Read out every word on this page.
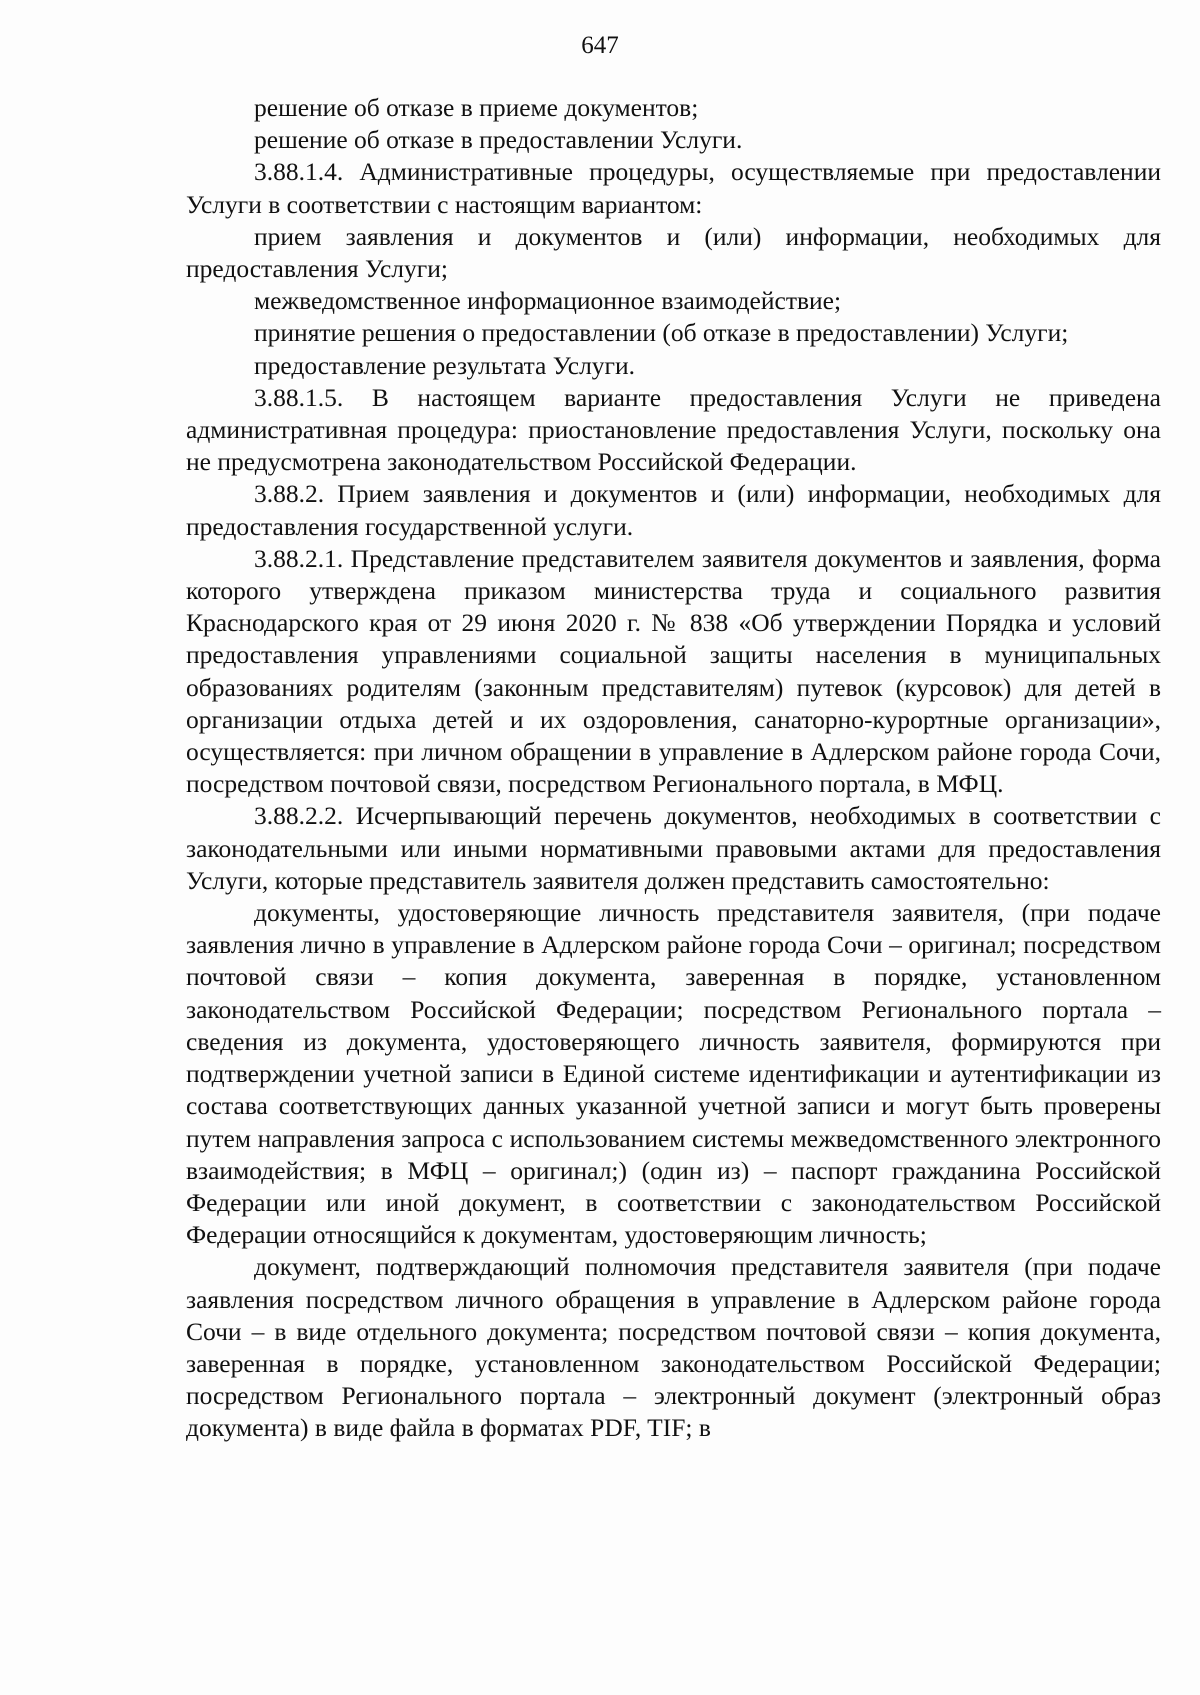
647

решение об отказе в приеме документов;

решение об отказе в предоставлении Услуги.

3.88.1.4. Административные процедуры, осуществляемые при предоставлении Услуги в соответствии с настоящим вариантом:

прием заявления и документов и (или) информации, необходимых для предоставления Услуги;

межведомственное информационное взаимодействие;

принятие решения о предоставлении (об отказе в предоставлении) Услуги;

предоставление результата Услуги.

3.88.1.5. В настоящем варианте предоставления Услуги не приведена административная процедура: приостановление предоставления Услуги, поскольку она не предусмотрена законодательством Российской Федерации.

3.88.2. Прием заявления и документов и (или) информации, необходимых для предоставления государственной услуги.

3.88.2.1. Представление представителем заявителя документов и заявления, форма которого утверждена приказом министерства труда и социального развития Краснодарского края от 29 июня 2020 г. № 838 «Об утверждении Порядка и условий предоставления управлениями социальной защиты населения в муниципальных образованиях родителям (законным представителям) путевок (курсовок) для детей в организации отдыха детей и их оздоровления, санаторно-курортные организации», осуществляется: при личном обращении в управление в Адлерском районе города Сочи, посредством почтовой связи, посредством Регионального портала, в МФЦ.

3.88.2.2. Исчерпывающий перечень документов, необходимых в соответствии с законодательными или иными нормативными правовыми актами для предоставления Услуги, которые представитель заявителя должен представить самостоятельно:

документы, удостоверяющие личность представителя заявителя, (при подаче заявления лично в управление в Адлерском районе города Сочи – оригинал; посредством почтовой связи – копия документа, заверенная в порядке, установленном законодательством Российской Федерации; посредством Регионального портала – сведения из документа, удостоверяющего личность заявителя, формируются при подтверждении учетной записи в Единой системе идентификации и аутентификации из состава соответствующих данных указанной учетной записи и могут быть проверены путем направления запроса с использованием системы межведомственного электронного взаимодействия; в МФЦ – оригинал;) (один из) – паспорт гражданина Российской Федерации или иной документ, в соответствии с законодательством Российской Федерации относящийся к документам, удостоверяющим личность;

документ, подтверждающий полномочия представителя заявителя (при подаче заявления посредством личного обращения в управление в Адлерском районе города Сочи – в виде отдельного документа; посредством почтовой связи – копия документа, заверенная в порядке, установленном законодательством Российской Федерации; посредством Регионального портала – электронный документ (электронный образ документа) в виде файла в форматах PDF, TIF; в
